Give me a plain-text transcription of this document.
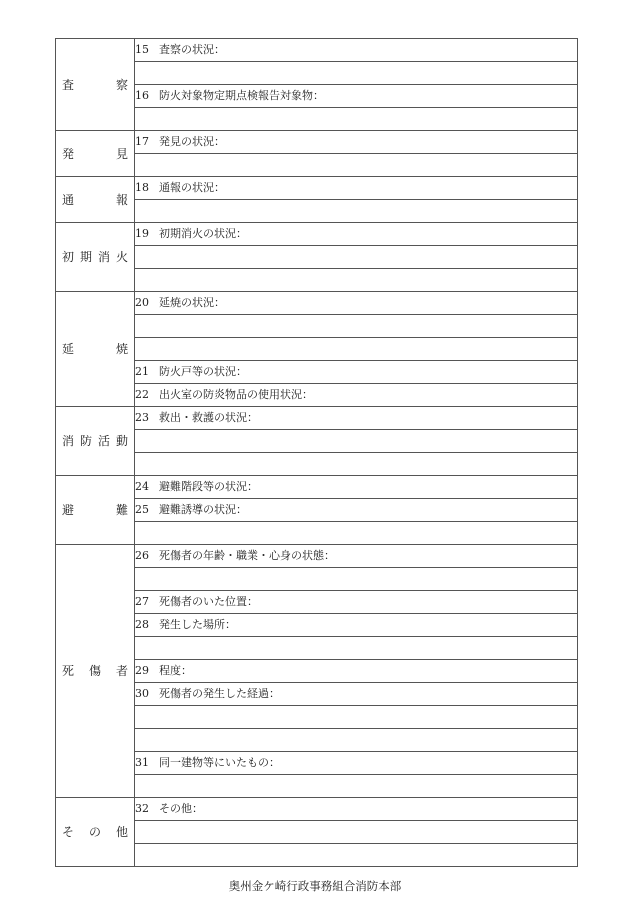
査 察	15 査察の状況：

	16 防火対象物定期点検報告対象物：

発 見	17 発見の状況：

通 報	18 通報の状況：

初 期 消 火	19 初期消火の状況：

延 焼	20 延焼の状況：

	21 防火戸等の状況：
	22 出火室の防炎物品の使用状況：

消 防 活 動	23 救出・救護の状況：

避 難	24 避難階段等の状況：
	25 避難誘導の状況：

死 傷 者	26 死傷者の年齢・職業・心身の状態：

	27 死傷者のいた位置：
	28 発生した場所：

	29 程度：
	30 死傷者の発生した経過：

	31 同一建物等にいたもの：

そ の 他	32 その他：

奥州金ケ崎行政事務組合消防本部
